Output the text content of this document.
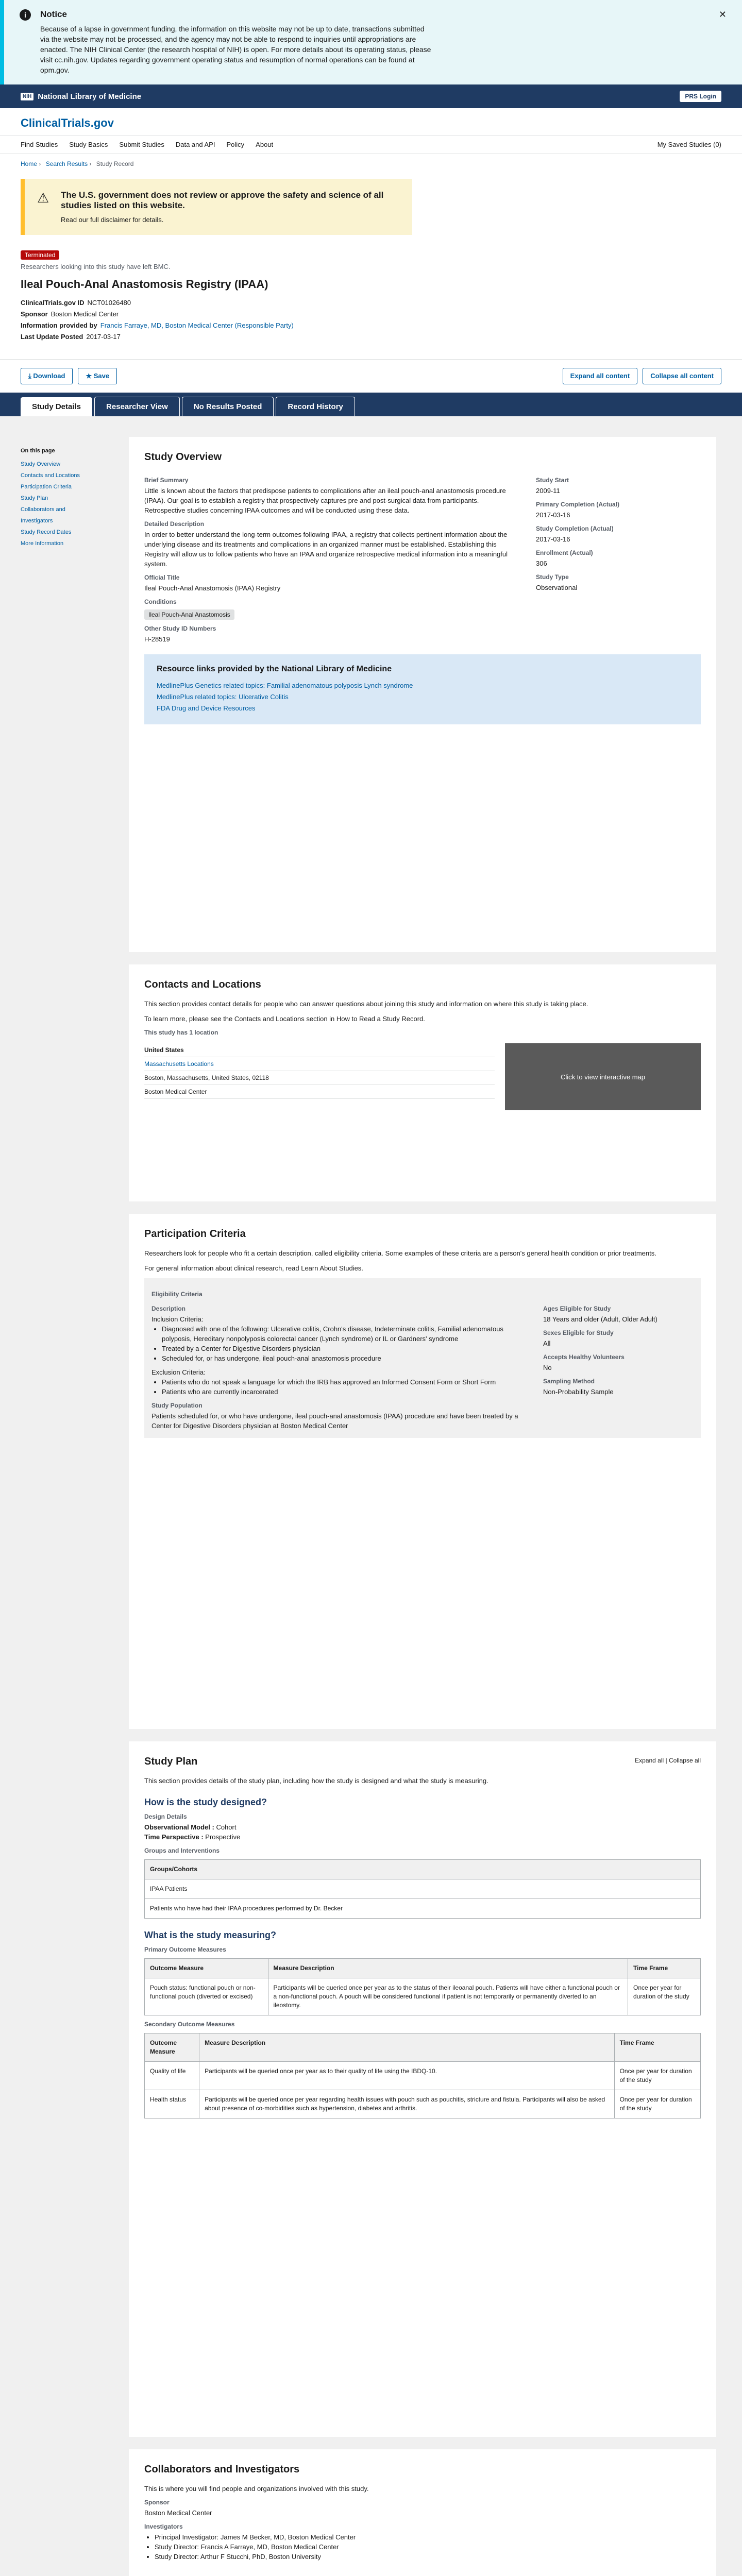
i	Notice

Because of a lapse in government funding, the information on this website may not be up to date, transactions submitted via the website may not be processed, and the agency may not be able to respond to inquiries until appropriations are enacted. The NIH Clinical Center (the research hospital of NIH) is open. For more details about its operating status, please visit cc.nih.gov. Updates regarding government operating status and resumption of normal operations can be found at opm.gov.

✕
NIH National Library of Medicine	PRS Login
ClinicalTrials.gov
Find Studies Study Basics Submit Studies Data and API Policy About	My Saved Studies (0)
Home › Search Results › Study Record
⚠ The U.S. government does not review or approve the safety and science of all studies listed on this website.

Read our full disclaimer for details.

Terminated
Researchers looking into this study have left BMC.
Ileal Pouch-Anal Anastomosis Registry (IPAA)
ClinicalTrials.gov ID NCT01026480
Sponsor Boston Medical Center
Information provided by Francis Farraye, MD, Boston Medical Center (Responsible Party)
Last Update Posted 2017-03-17
⤓ Download	★ Save	Expand all content	Collapse all content
Study Details	Researcher View	No Results Posted	Record History
On this page
Study Overview
Contacts and Locations
Participation Criteria
Study Plan
Collaborators and Investigators
Study Record Dates
More Information
Study Overview
Brief Summary
Little is known about the factors that predispose patients to complications after an ileal pouch-anal anastomosis procedure (IPAA). Our goal is to establish a registry that prospectively captures pre and post-surgical data from participants. Retrospective studies concerning IPAA outcomes and will be conducted using these data.
Detailed Description
In order to better understand the long-term outcomes following IPAA, a registry that collects pertinent information about the underlying disease and its treatments and complications in an organized manner must be established. Establishing this Registry will allow us to follow patients who have an IPAA and organize retrospective medical information into a meaningful system.
Official Title
Ileal Pouch-Anal Anastomosis (IPAA) Registry
Conditions
Ileal Pouch-Anal Anastomosis
Other Study ID Numbers
H-28519
Study Start
2009-11
Primary Completion (Actual)
2017-03-16
Study Completion (Actual)
2017-03-16
Enrollment (Actual)
306
Study Type
Observational
Resource links provided by the National Library of Medicine

MedlinePlus Genetics related topics: Familial adenomatous polyposis Lynch syndrome

MedlinePlus related topics: Ulcerative Colitis

FDA Drug and Device Resources

Contacts and Locations
This section provides contact details for people who can answer questions about joining this study and information on where this study is taking place.
To learn more, please see the Contacts and Locations section in How to Read a Study Record.
This study has 1 location
United States
Massachusetts Locations
Boston, Massachusetts, United States, 02118
Boston Medical Center
Click to view interactive map
Participation Criteria
Researchers look for people who fit a certain description, called eligibility criteria. Some examples of these criteria are a person's general health condition or prior treatments.
For general information about clinical research, read Learn About Studies.
Eligibility Criteria
Description
Inclusion Criteria:
• Diagnosed with one of the following: Ulcerative colitis, Crohn's disease, Indeterminate colitis, Familial adenomatous polyposis, Hereditary nonpolyposis colorectal cancer (Lynch syndrome) or IL or Gardners' syndrome
• Treated by a Center for Digestive Disorders physician
• Scheduled for, or has undergone, ileal pouch-anal anastomosis procedure
Exclusion Criteria:
• Patients who do not speak a language for which the IRB has approved an Informed Consent Form or Short Form
• Patients who are currently incarcerated
Study Population
Patients scheduled for, or who have undergone, ileal pouch-anal anastomosis (IPAA) procedure and have been treated by a Center for Digestive Disorders physician at Boston Medical Center
Ages Eligible for Study
18 Years and older (Adult, Older Adult)
Sexes Eligible for Study
All
Accepts Healthy Volunteers
No
Sampling Method
Non-Probability Sample
Study Plan	Expand all | Collapse all
This section provides details of the study plan, including how the study is designed and what the study is measuring.
How is the study designed?
Design Details
Observational Model : Cohort
Time Perspective : Prospective
Groups and Interventions
Groups/Cohorts
IPAA Patients
Patients who have had their IPAA procedures performed by Dr. Becker
What is the study measuring?
Primary Outcome Measures
Outcome Measure	Measure Description	Time Frame
Pouch status: functional pouch or non-functional pouch (diverted or excised)	Participants will be queried once per year as to the status of their ileoanal pouch. Patients will have either a functional pouch or a non-functional pouch. A pouch will be considered functional if patient is not temporarily or permanently diverted to an ileostomy.	Once per year for duration of the study
Secondary Outcome Measures
Outcome Measure	Measure Description	Time Frame
Quality of life	Participants will be queried once per year as to their quality of life using the IBDQ-10.	Once per year for duration of the study
Health status	Participants will be queried once per year regarding health issues with pouch such as pouchitis, stricture and fistula. Participants will also be asked about presence of co-morbidities such as hypertension, diabetes and arthritis.	Once per year for duration of the study
Collaborators and Investigators
This is where you will find people and organizations involved with this study.
Sponsor
Boston Medical Center
Investigators
• Principal Investigator: James M Becker, MD, Boston Medical Center
• Study Director: Francis A Farraye, MD, Boston Medical Center
• Study Director: Arthur F Stucchi, PhD, Boston University
